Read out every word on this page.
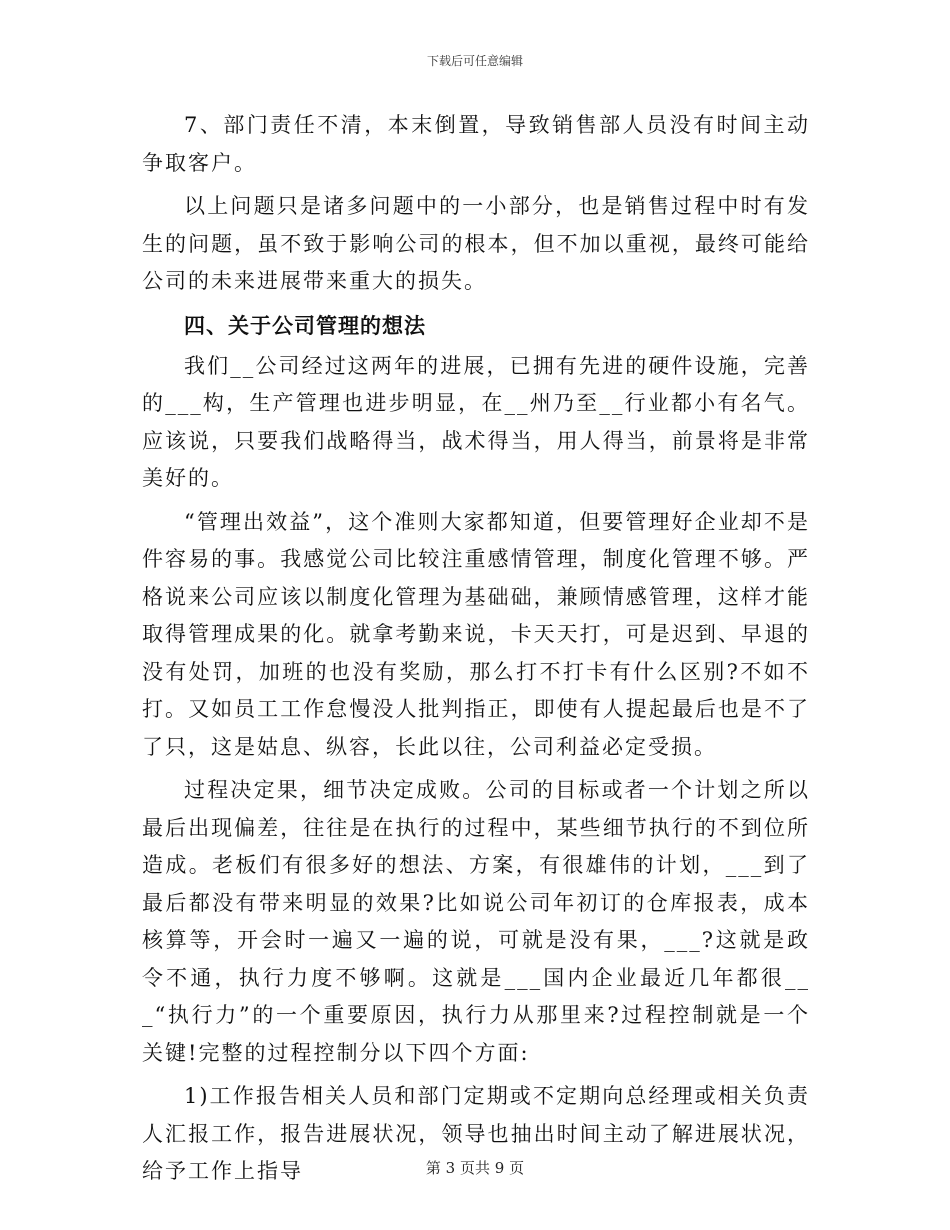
下载后可任意编辑

7、部门责任不清，本末倒置，导致销售部人员没有时间主动争取客户。

以上问题只是诸多问题中的一小部分，也是销售过程中时有发生的问题，虽不致于影响公司的根本，但不加以重视，最终可能给公司的未来进展带来重大的损失。

四、关于公司管理的想法

我们__公司经过这两年的进展，已拥有先进的硬件设施，完善的___构，生产管理也进步明显，在__州乃至__行业都小有名气。应该说，只要我们战略得当，战术得当，用人得当，前景将是非常美好的。

“管理出效益”，这个准则大家都知道，但要管理好企业却不是件容易的事。我感觉公司比较注重感情管理，制度化管理不够。严格说来公司应该以制度化管理为基础础，兼顾情感管理，这样才能取得管理成果的化。就拿考勤来说，卡天天打，可是迟到、早退的没有处罚，加班的也没有奖励，那么打不打卡有什么区别?不如不打。又如员工工作怠慢没人批判指正，即使有人提起最后也是不了了只，这是姑息、纵容，长此以往，公司利益必定受损。

过程决定果，细节决定成败。公司的目标或者一个计划之所以最后出现偏差，往往是在执行的过程中，某些细节执行的不到位所造成。老板们有很多好的想法、方案，有很雄伟的计划，___到了最后都没有带来明显的效果?比如说公司年初订的仓库报表，成本核算等，开会时一遍又一遍的说，可就是没有果，___?这就是政令不通，执行力度不够啊。这就是___国内企业最近几年都很___“执行力”的一个重要原因，执行力从那里来?过程控制就是一个关键!完整的过程控制分以下四个方面:

1)工作报告相关人员和部门定期或不定期向总经理或相关负责人汇报工作，报告进展状况，领导也抽出时间主动了解进展状况，给予工作上指导	第 3 页共 9 页
